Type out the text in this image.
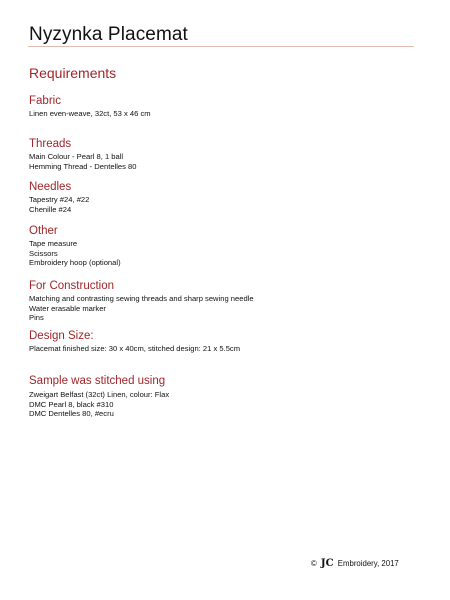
Nyzynka Placemat
Requirements
Fabric
Linen even-weave, 32ct, 53 x 46 cm
Threads
Main Colour - Pearl 8, 1 ball
Hemming Thread - Dentelles 80
Needles
Tapestry #24, #22
Chenille #24
Other
Tape measure
Scissors
Embroidery hoop (optional)
For Construction
Matching and contrasting sewing threads and sharp sewing needle
Water erasable marker
Pins
Design Size:
Placemat finished size: 30 x 40cm, stitched design: 21 x 5.5cm
Sample was stitched using
Zweigart Belfast (32ct) Linen, colour: Flax
DMC Pearl 8, black #310
DMC Dentelles 80, #ecru
© JC Embroidery, 2017
